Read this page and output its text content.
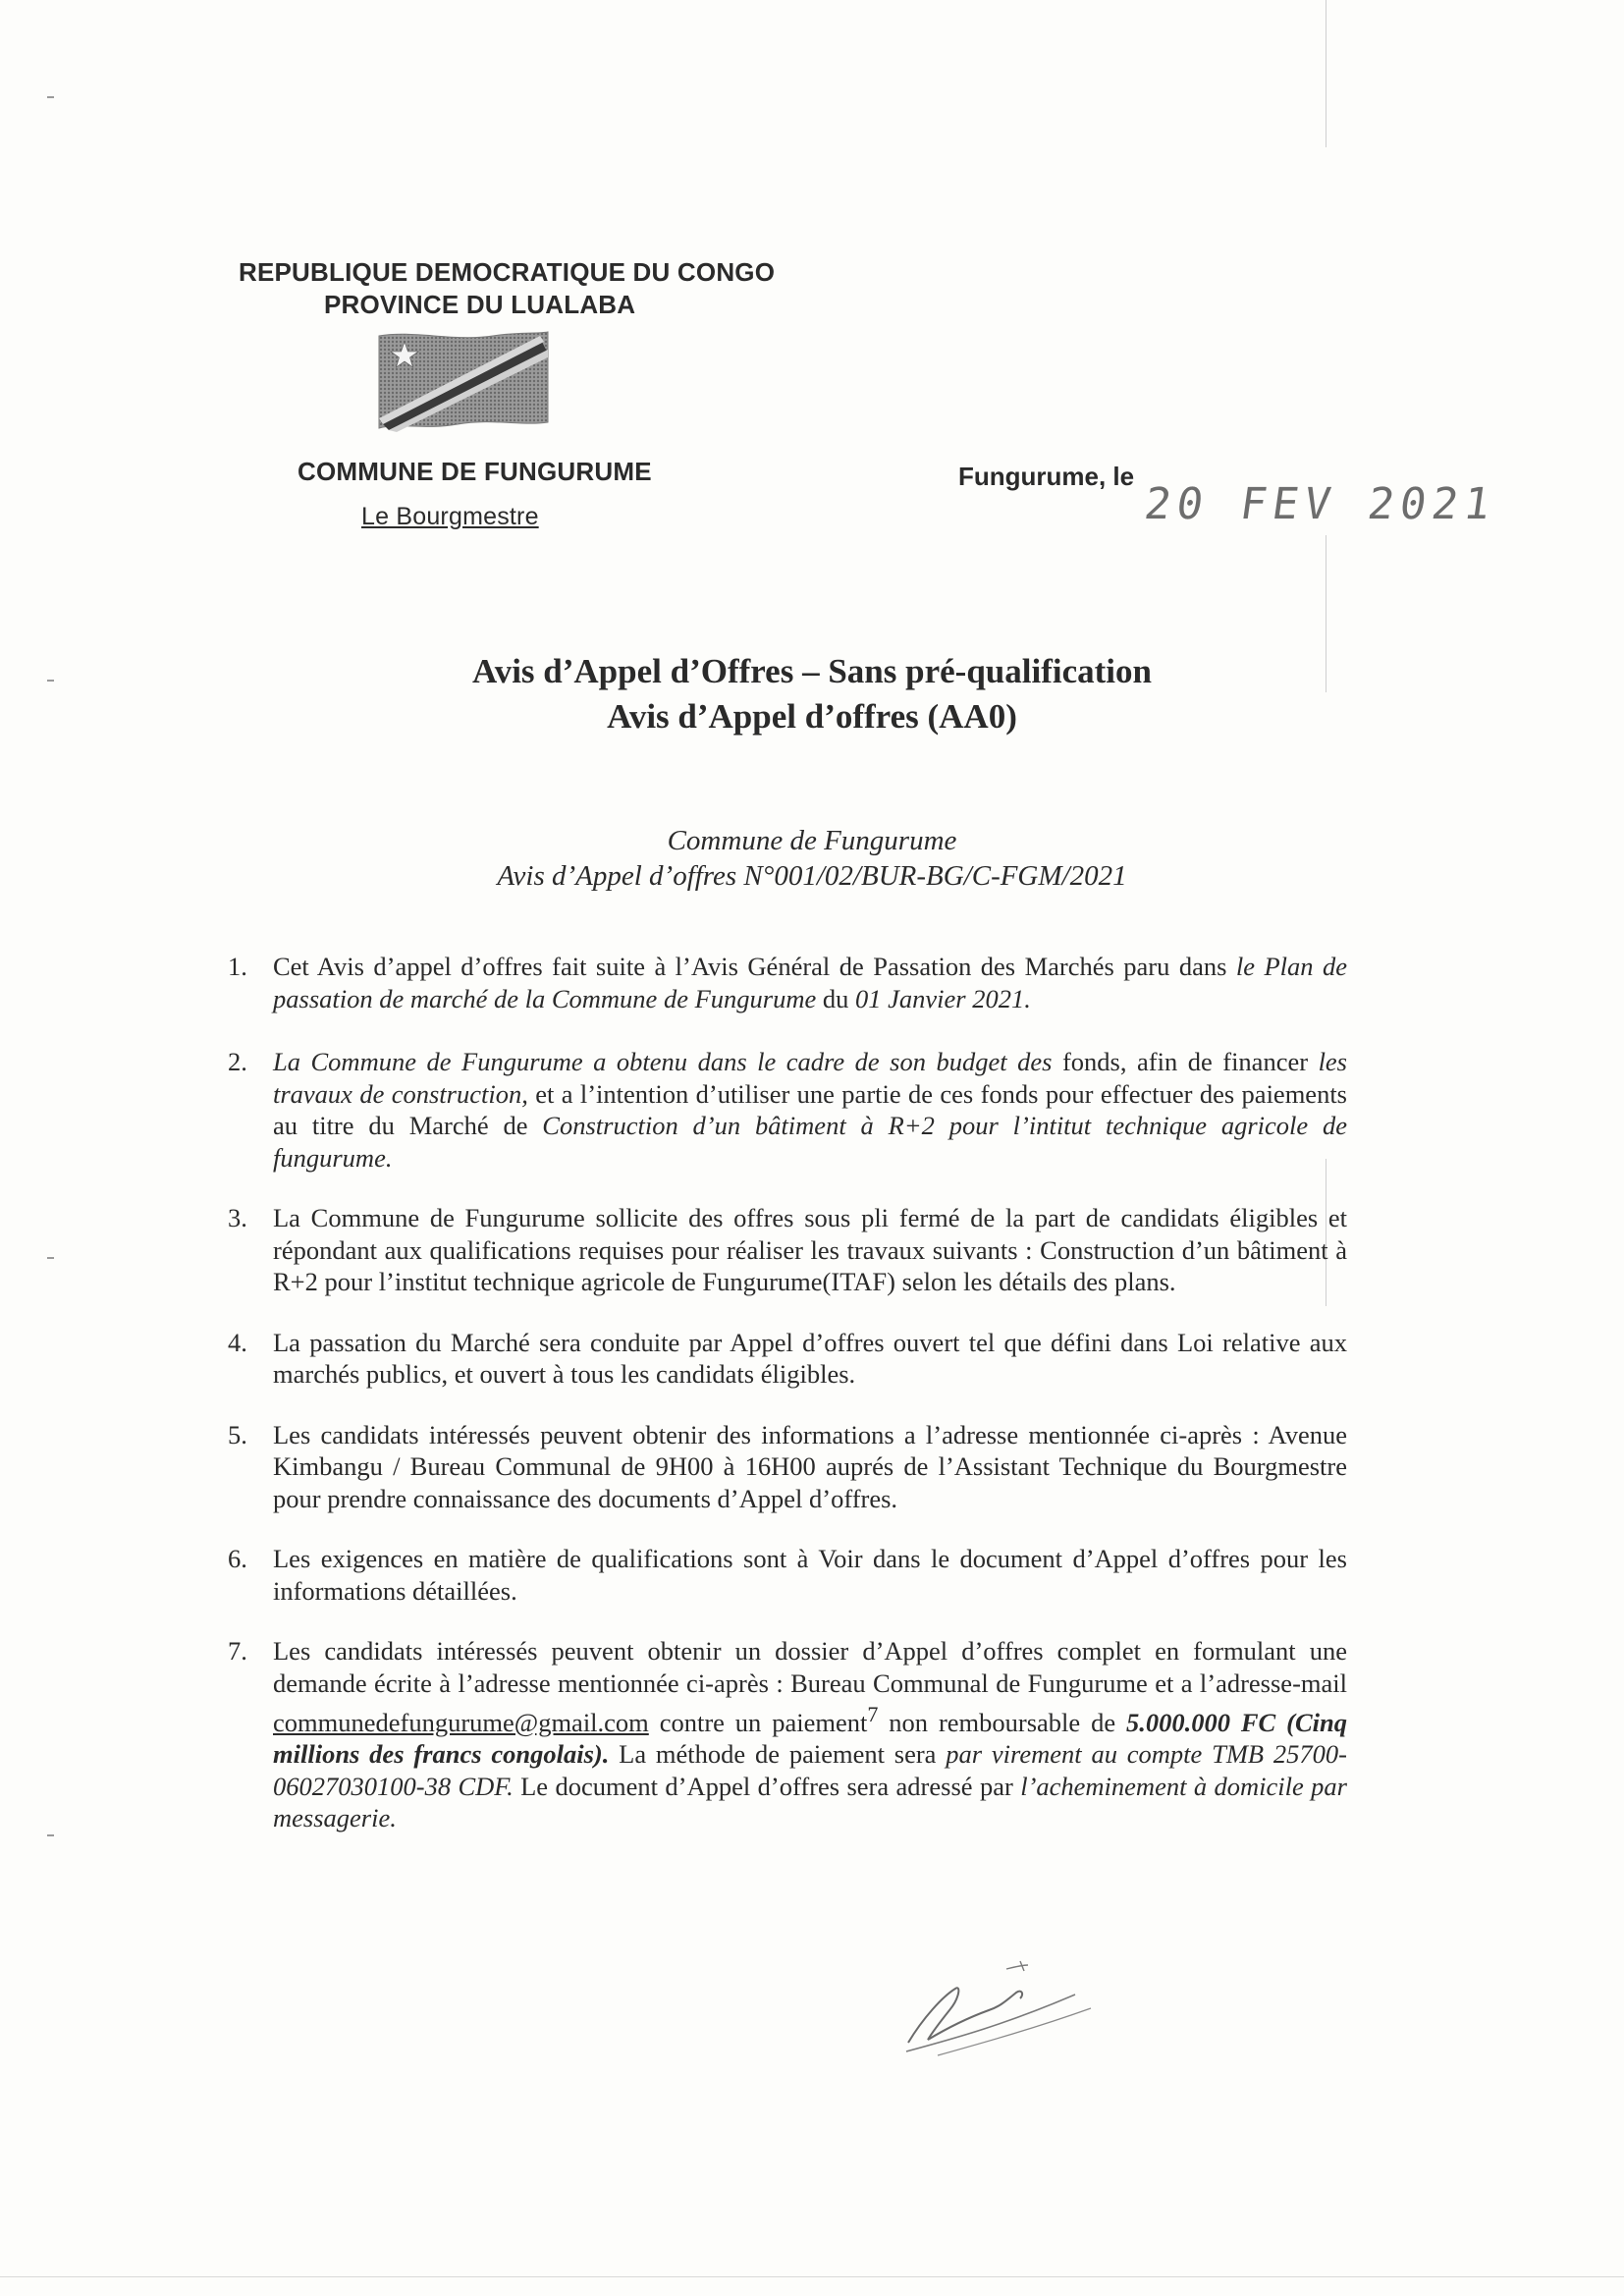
REPUBLIQUE DEMOCRATIQUE DU CONGO
PROVINCE DU LUALABA
COMMUNE DE FUNGURUME
Le Bourgmestre
Fungurume, le
20 FEV 2021
Avis d’Appel d’Offres – Sans pré-qualification
Avis d’Appel d’offres (AA0)
Commune de Fungurume
Avis d’Appel d’offres N°001/02/BUR-BG/C-FGM/2021
1. Cet Avis d’appel d’offres fait suite à l’Avis Général de Passation des Marchés paru dans le Plan de passation de marché de la Commune de Fungurume du 01 Janvier 2021.
2. La Commune de Fungurume a obtenu dans le cadre de son budget des fonds, afin de financer les travaux de construction, et a l’intention d’utiliser une partie de ces fonds pour effectuer des paiements au titre du Marché de Construction d’un bâtiment à R+2 pour l’intitut technique agricole de fungurume.
3. La Commune de Fungurume sollicite des offres sous pli fermé de la part de candidats éligibles et répondant aux qualifications requises pour réaliser les travaux suivants : Construction d’un bâtiment à R+2 pour l’institut technique agricole de Fungurume(ITAF) selon les détails des plans.
4. La passation du Marché sera conduite par Appel d’offres ouvert tel que défini dans Loi relative aux marchés publics, et ouvert à tous les candidats éligibles.
5. Les candidats intéressés peuvent obtenir des informations a l’adresse mentionnée ci-après : Avenue Kimbangu / Bureau Communal de 9H00 à 16H00 auprés de l’Assistant Technique du Bourgmestre pour prendre connaissance des documents d’Appel d’offres.
6. Les exigences en matière de qualifications sont à Voir dans le document d’Appel d’offres pour les informations détaillées.
7. Les candidats intéressés peuvent obtenir un dossier d’Appel d’offres complet en formulant une demande écrite à l’adresse mentionnée ci-après : Bureau Communal de Fungurume et a l’adresse-mail communedefungurume@gmail.com contre un paiement$^7$ non remboursable de 5.000.000 FC (Cinq millions des francs congolais). La méthode de paiement sera par virement au compte TMB 25700-06027030100-38 CDF. Le document d’Appel d’offres sera adressé par l’acheminement à domicile par messagerie.
